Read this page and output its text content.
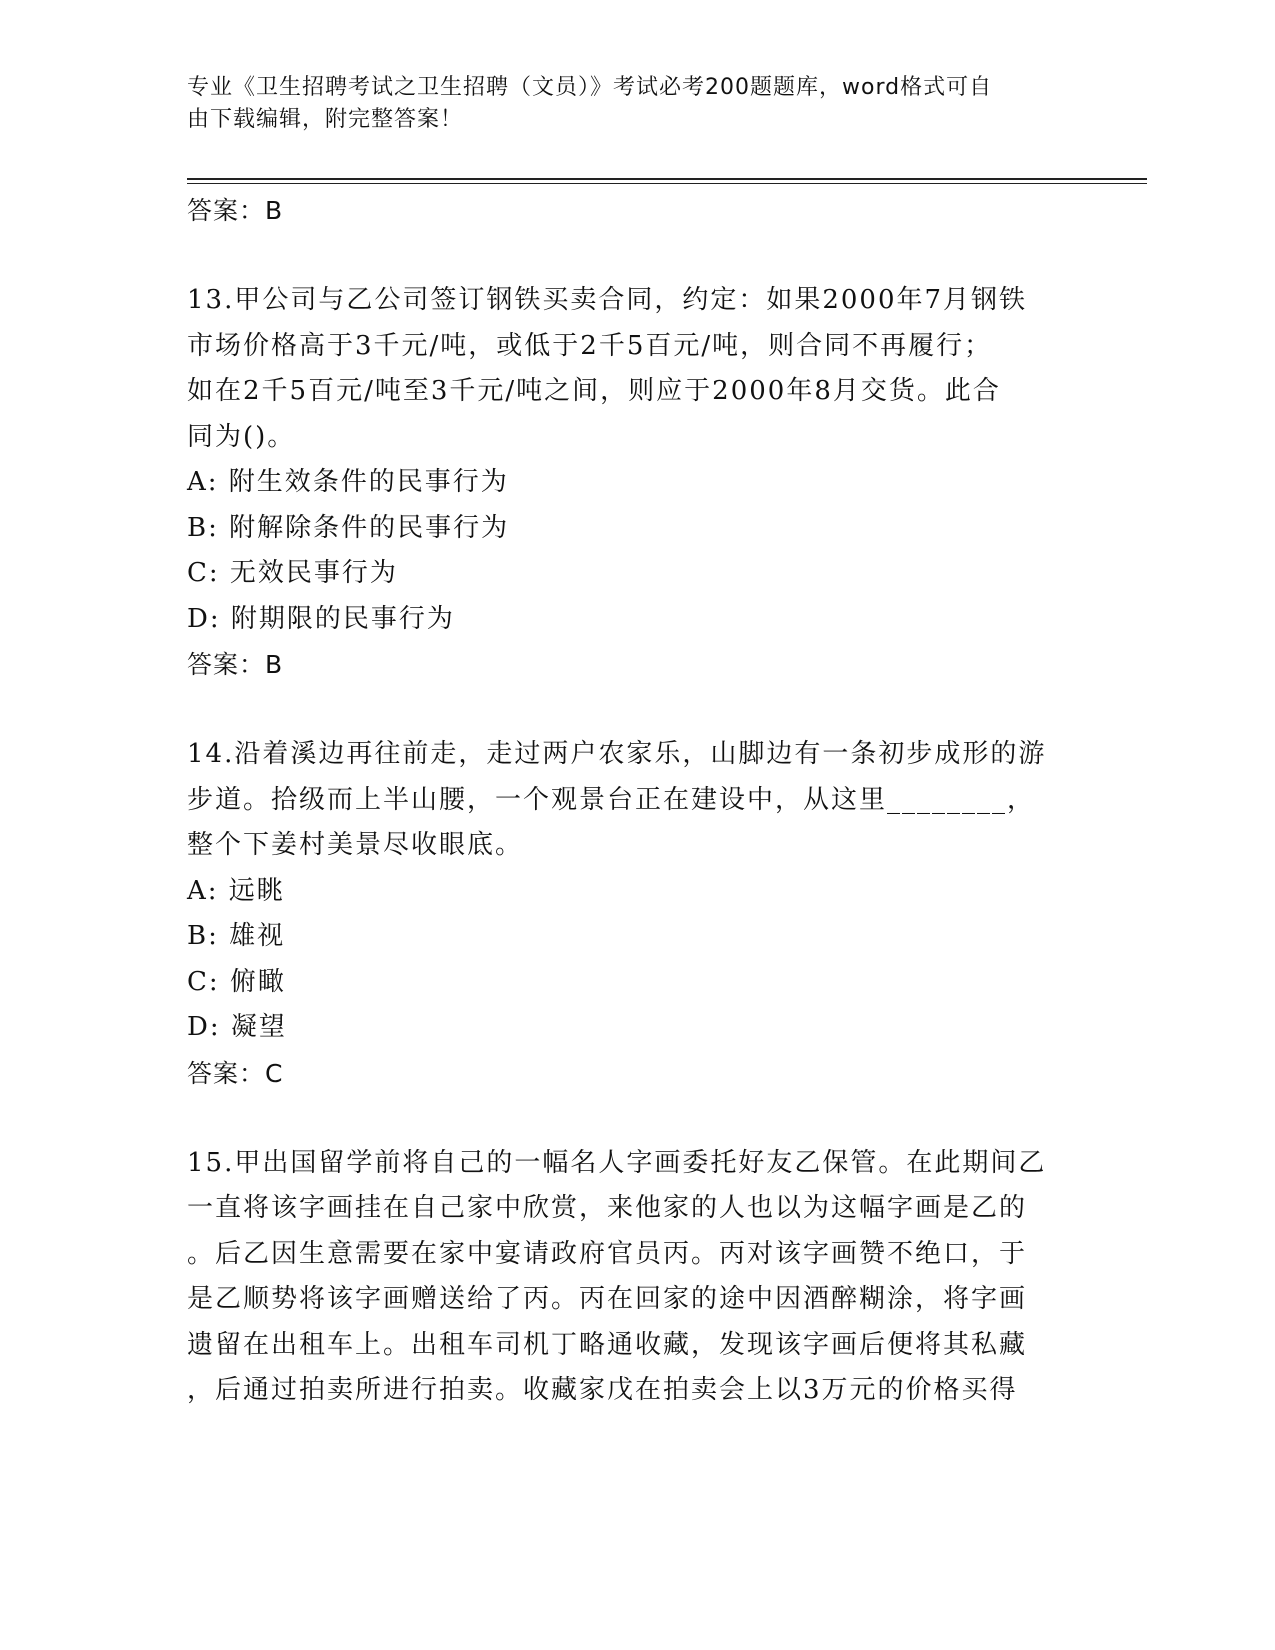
专业《卫生招聘考试之卫生招聘（文员）》考试必考200题题库，word格式可自
由下载编辑，附完整答案！

答案：B

13.甲公司与乙公司签订钢铁买卖合同，约定：如果2000年7月钢铁

市场价格高于3千元/吨，或低于2千5百元/吨，则合同不再履行；

如在2千5百元/吨至3千元/吨之间，则应于2000年8月交货。此合

同为()。

A: 附生效条件的民事行为

B: 附解除条件的民事行为

C: 无效民事行为

D: 附期限的民事行为

答案：B

14.沿着溪边再往前走，走过两户农家乐，山脚边有一条初步成形的游

步道。拾级而上半山腰，一个观景台正在建设中，从这里________，

整个下姜村美景尽收眼底。

A: 远眺

B: 雄视

C: 俯瞰

D: 凝望

答案：C

15.甲出国留学前将自己的一幅名人字画委托好友乙保管。在此期间乙

一直将该字画挂在自己家中欣赏，来他家的人也以为这幅字画是乙的

。后乙因生意需要在家中宴请政府官员丙。丙对该字画赞不绝口，于

是乙顺势将该字画赠送给了丙。丙在回家的途中因酒醉糊涂，将字画

遗留在出租车上。出租车司机丁略通收藏，发现该字画后便将其私藏

，后通过拍卖所进行拍卖。收藏家戊在拍卖会上以3万元的价格买得
